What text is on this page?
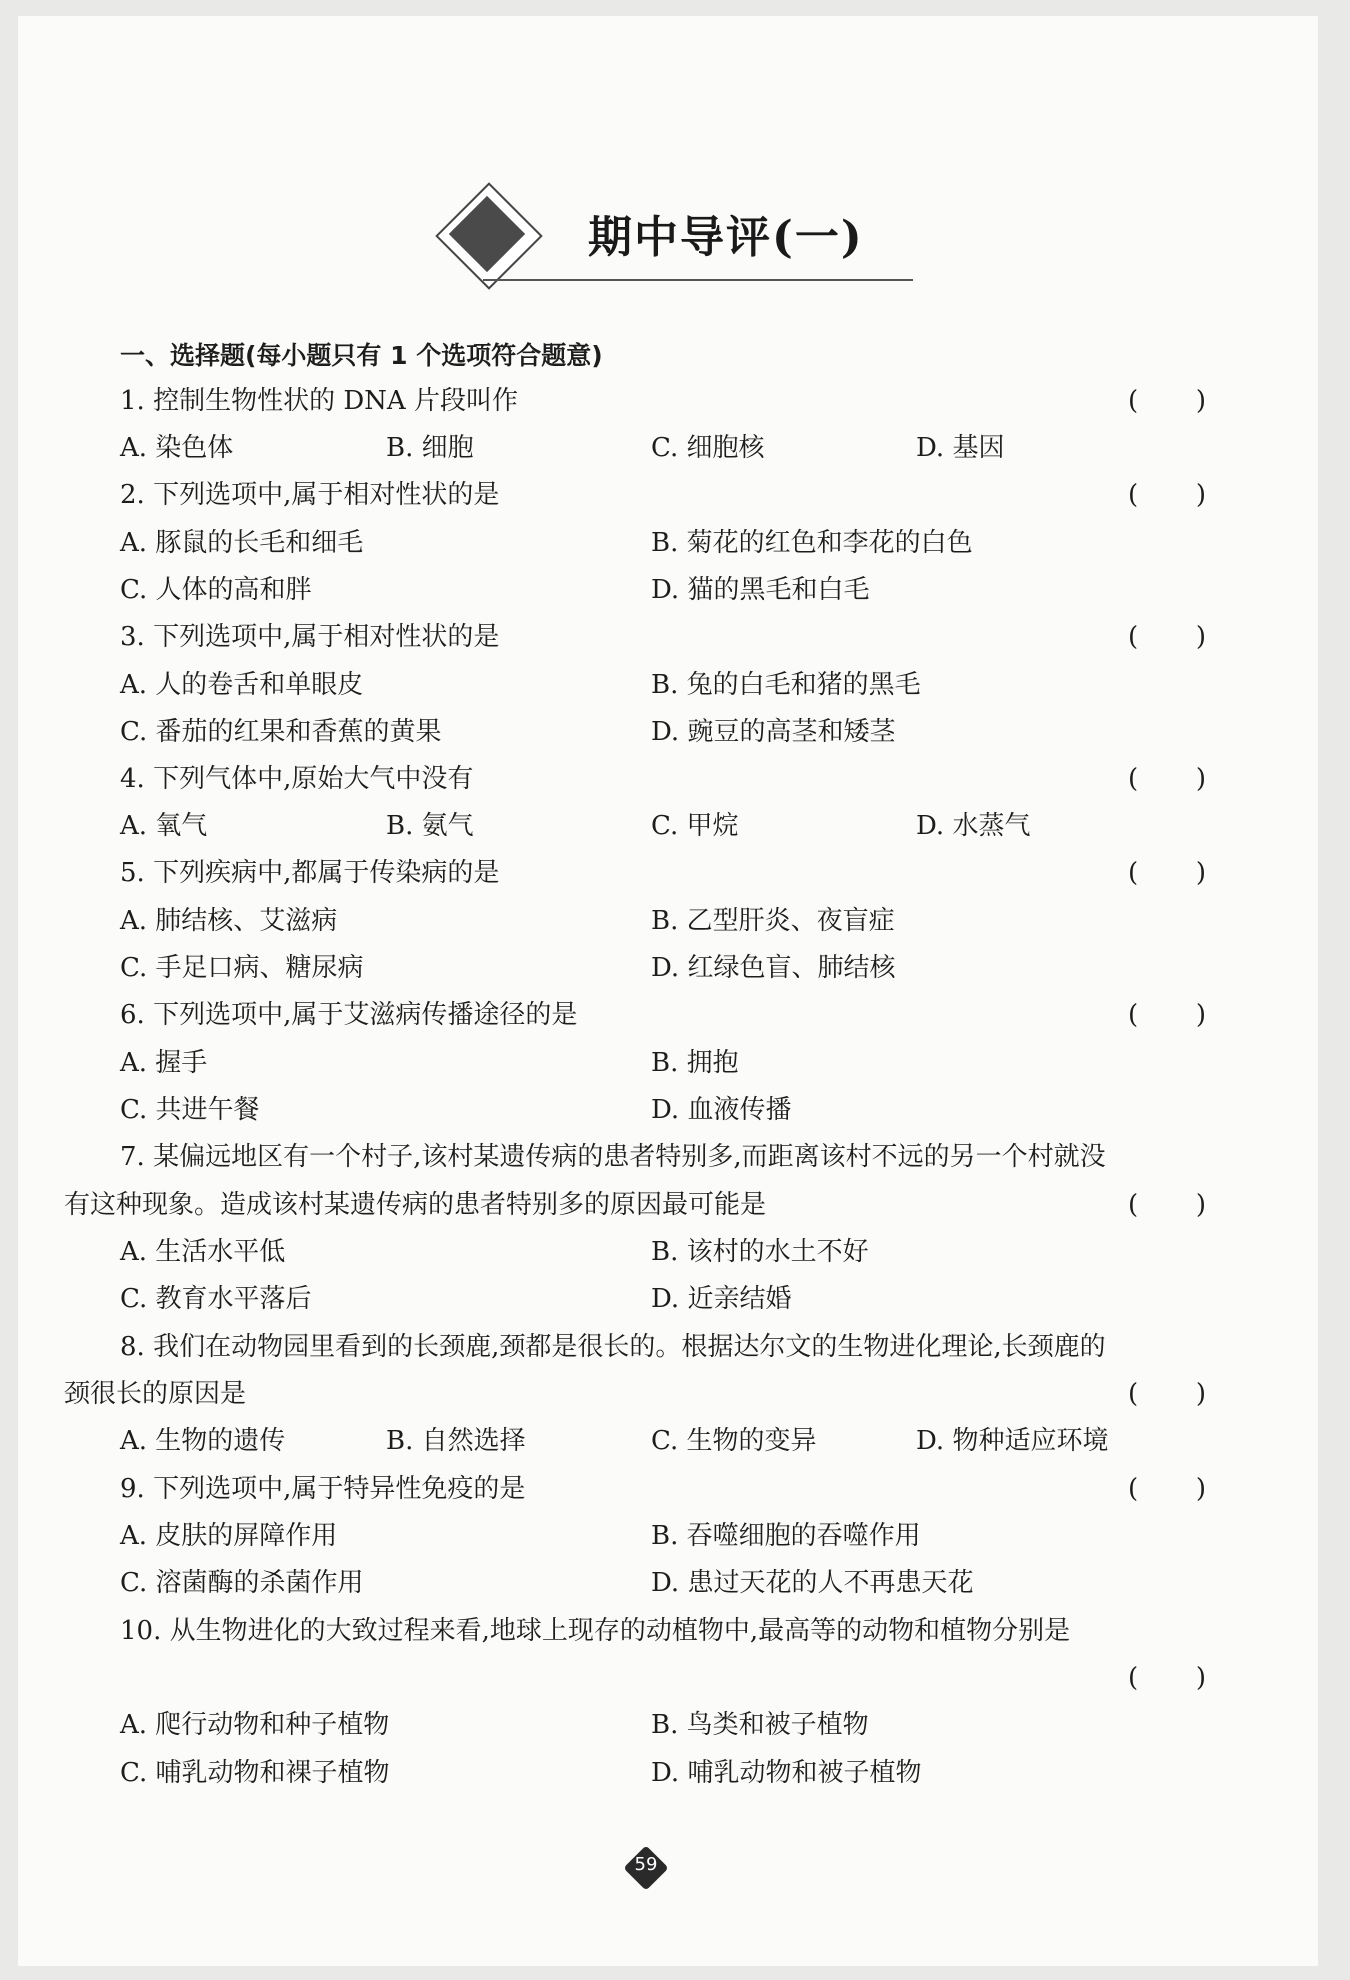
期中导评(一)
一、选择题(每小题只有 1 个选项符合题意)
1. 控制生物性状的 DNA 片段叫作	( )
A. 染色体	B. 细胞	C. 细胞核	D. 基因
2. 下列选项中,属于相对性状的是	( )
A. 豚鼠的长毛和细毛	B. 菊花的红色和李花的白色
C. 人体的高和胖	D. 猫的黑毛和白毛
3. 下列选项中,属于相对性状的是	( )
A. 人的卷舌和单眼皮	B. 兔的白毛和猪的黑毛
C. 番茄的红果和香蕉的黄果	D. 豌豆的高茎和矮茎
4. 下列气体中,原始大气中没有	( )
A. 氧气	B. 氨气	C. 甲烷	D. 水蒸气
5. 下列疾病中,都属于传染病的是	( )
A. 肺结核、艾滋病	B. 乙型肝炎、夜盲症
C. 手足口病、糖尿病	D. 红绿色盲、肺结核
6. 下列选项中,属于艾滋病传播途径的是	( )
A. 握手	B. 拥抱
C. 共进午餐	D. 血液传播
7. 某偏远地区有一个村子,该村某遗传病的患者特别多,而距离该村不远的另一个村就没
有这种现象。造成该村某遗传病的患者特别多的原因最可能是	( )
A. 生活水平低	B. 该村的水土不好
C. 教育水平落后	D. 近亲结婚
8. 我们在动物园里看到的长颈鹿,颈都是很长的。根据达尔文的生物进化理论,长颈鹿的
颈很长的原因是	( )
A. 生物的遗传	B. 自然选择	C. 生物的变异	D. 物种适应环境
9. 下列选项中,属于特异性免疫的是	( )
A. 皮肤的屏障作用	B. 吞噬细胞的吞噬作用
C. 溶菌酶的杀菌作用	D. 患过天花的人不再患天花
10. 从生物进化的大致过程来看,地球上现存的动植物中,最高等的动物和植物分别是
( )
A. 爬行动物和种子植物	B. 鸟类和被子植物
C. 哺乳动物和裸子植物	D. 哺乳动物和被子植物
59
